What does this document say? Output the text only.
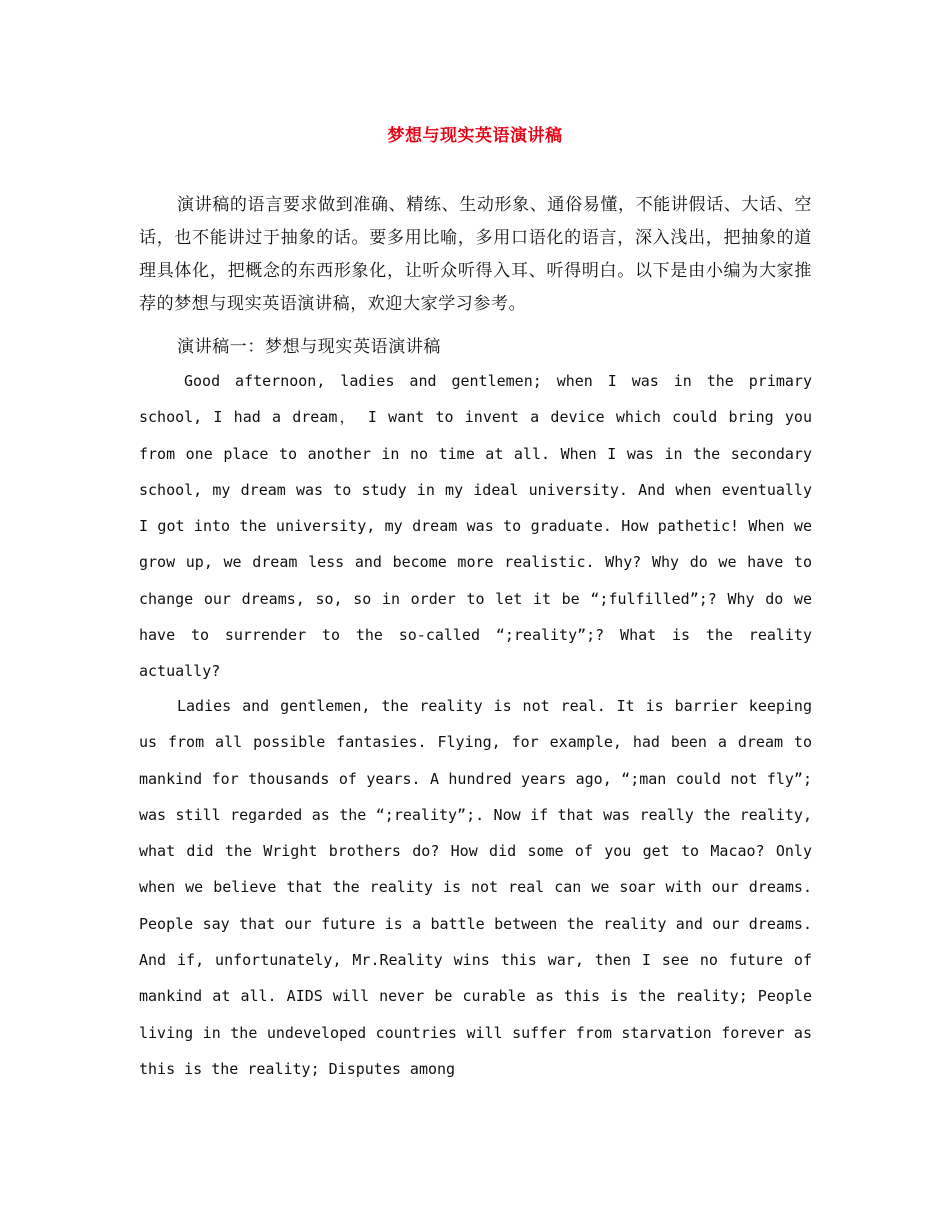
梦想与现实英语演讲稿

演讲稿的语言要求做到准确、精练、生动形象、通俗易懂，不能讲假话、大话、空话，也不能讲过于抽象的话。要多用比喻，多用口语化的语言，深入浅出，把抽象的道理具体化，把概念的东西形象化，让听众听得入耳、听得明白。以下是由小编为大家推荐的梦想与现实英语演讲稿，欢迎大家学习参考。

演讲稿一：梦想与现实英语演讲稿

Good afternoon, ladies and gentlemen; when I was in the primary school, I had a dream， I want to invent a device which could bring you from one place to another in no time at all. When I was in the secondary school, my dream was to study in my ideal university. And when eventually I got into the university, my dream was to graduate. How pathetic! When we grow up, we dream less and become more realistic. Why? Why do we have to change our dreams, so, so in order to let it be “;fulfilled”;? Why do we have to surrender to the so-called “;reality”;? What is the reality actually?

Ladies and gentlemen, the reality is not real. It is barrier keeping us from all possible fantasies. Flying, for example, had been a dream to mankind for thousands of years. A hundred years ago, “;man could not fly”; was still regarded as the “;reality”;. Now if that was really the reality, what did the Wright brothers do? How did some of you get to Macao? Only when we believe that the reality is not real can we soar with our dreams. People say that our future is a battle between the reality and our dreams. And if, unfortunately, Mr.Reality wins this war, then I see no future of mankind at all. AIDS will never be curable as this is the reality; People living in the undeveloped countries will suffer from starvation forever as this is the reality; Disputes among
